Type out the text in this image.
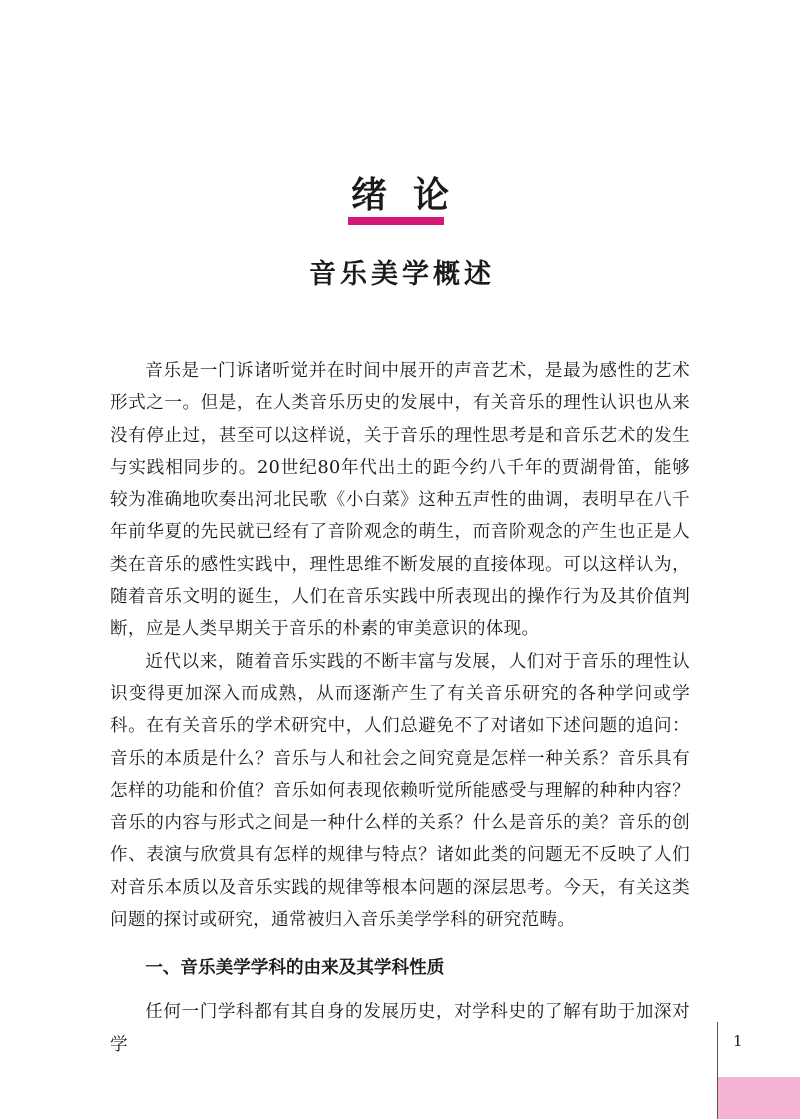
绪论
音乐美学概述

音乐是一门诉诸听觉并在时间中展开的声音艺术，是最为感性的艺术形式之一。但是，在人类音乐历史的发展中，有关音乐的理性认识也从来没有停止过，甚至可以这样说，关于音乐的理性思考是和音乐艺术的发生与实践相同步的。20世纪80年代出土的距今约八千年的贾湖骨笛，能够较为准确地吹奏出河北民歌《小白菜》这种五声性的曲调，表明早在八千年前华夏的先民就已经有了音阶观念的萌生，而音阶观念的产生也正是人类在音乐的感性实践中，理性思维不断发展的直接体现。可以这样认为，随着音乐文明的诞生，人们在音乐实践中所表现出的操作行为及其价值判断，应是人类早期关于音乐的朴素的审美意识的体现。

近代以来，随着音乐实践的不断丰富与发展，人们对于音乐的理性认识变得更加深入而成熟，从而逐渐产生了有关音乐研究的各种学问或学科。在有关音乐的学术研究中，人们总避免不了对诸如下述问题的追问：音乐的本质是什么？音乐与人和社会之间究竟是怎样一种关系？音乐具有怎样的功能和价值？音乐如何表现依赖听觉所能感受与理解的种种内容？音乐的内容与形式之间是一种什么样的关系？什么是音乐的美？音乐的创作、表演与欣赏具有怎样的规律与特点？诸如此类的问题无不反映了人们对音乐本质以及音乐实践的规律等根本问题的深层思考。今天，有关这类问题的探讨或研究，通常被归入音乐美学学科的研究范畴。

一、音乐美学学科的由来及其学科性质

任何一门学科都有其自身的发展历史，对学科史的了解有助于加深对学	1
